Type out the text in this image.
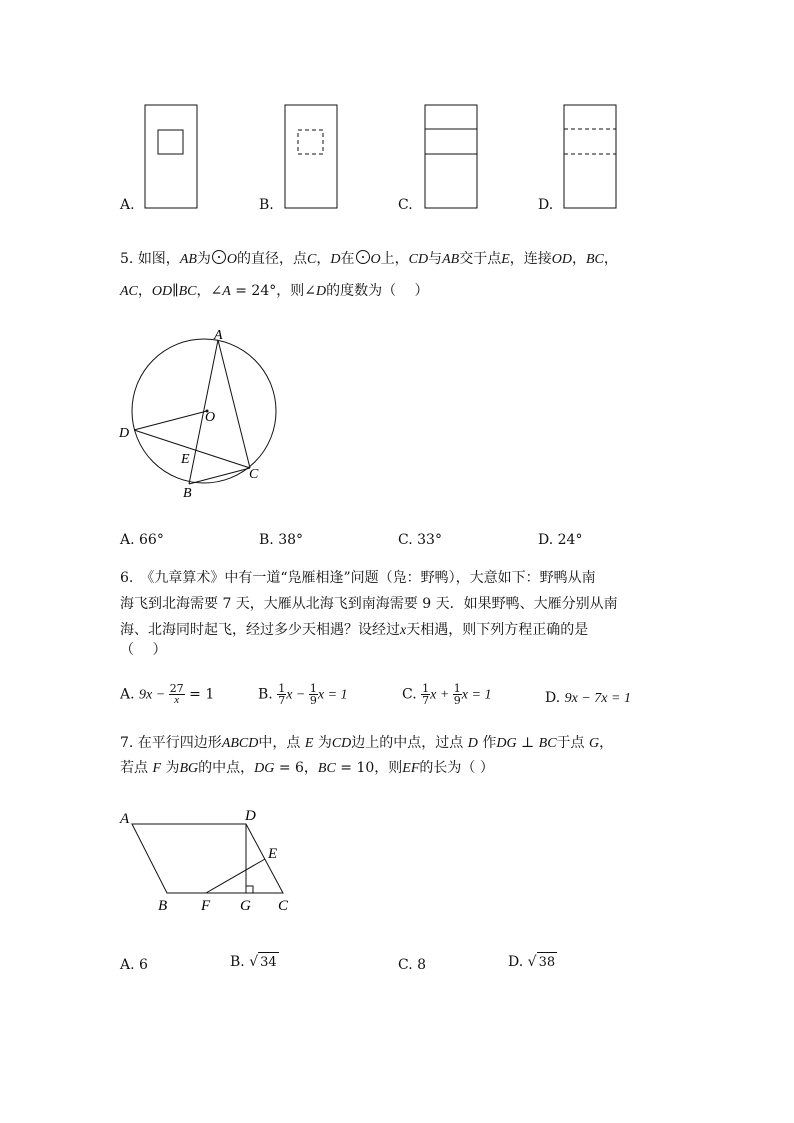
A.	B.	C.	D.
5. 如图，AB为 O的直径，点C，D在 O上，CD与AB交于点E，连接OD，BC，
AC，OD∥BC，∠A = 24°，则∠D的度数为（　 ）
A
O
D
E
B
C
A. 66°	B. 38°	C. 33°	D. 24°
6.　《九章算术》中有一道“凫雁相逢”问题（凫：野鸭），大意如下：野鸭从南
海飞到北海需要 7 天，大雁从北海飞到南海需要 9 天．如果野鸭、大雁分别从南
海、北海同时起飞，经过多少天相遇？设经过x天相遇，则下列方程正确的是
（　 ）
A. $9x - \frac{27}{x} = 1$	B. $\frac{1}{7}$ $x - \frac{1}{9}$ x = 1	C. $\frac{1}{7}$ $x + \frac{1}{9}$ x = 1	D. 9x − 7x = 1
7. 在平行四边形ABCD中，点 E 为CD边上的中点，过点 D 作DG ⊥ BC于点 G，
若点 F 为BG的中点，DG = 6，BC = 10，则EF的长为（ ）
A	D
E
B F G C
A. 6	B. √ 34	C. 8	D. √ 38
